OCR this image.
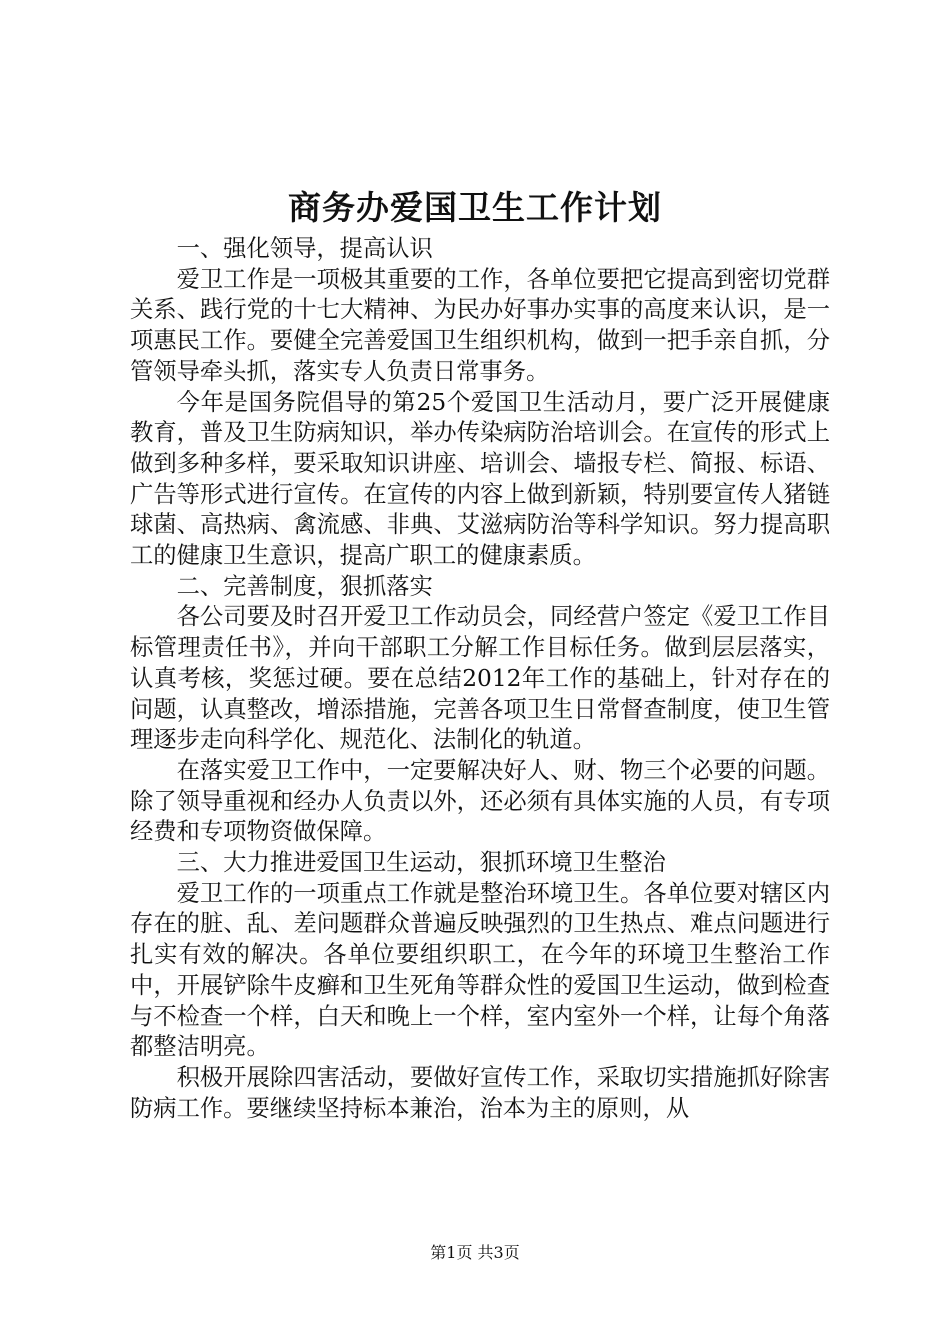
商务办爱国卫生工作计划

一、强化领导，提高认识

爱卫工作是一项极其重要的工作，各单位要把它提高到密切党群关系、践行党的十七大精神、为民办好事办实事的高度来认识，是一项惠民工作。要健全完善爱国卫生组织机构，做到一把手亲自抓，分管领导牵头抓，落实专人负责日常事务。

今年是国务院倡导的第25个爱国卫生活动月，要广泛开展健康教育，普及卫生防病知识，举办传染病防治培训会。在宣传的形式上做到多种多样，要采取知识讲座、培训会、墙报专栏、简报、标语、广告等形式进行宣传。在宣传的内容上做到新颖，特别要宣传人猪链球菌、高热病、禽流感、非典、艾滋病防治等科学知识。努力提高职工的健康卫生意识，提高广职工的健康素质。

二、完善制度，狠抓落实

各公司要及时召开爱卫工作动员会，同经营户签定《爱卫工作目标管理责任书》，并向干部职工分解工作目标任务。做到层层落实，认真考核，奖惩过硬。要在总结2012年工作的基础上，针对存在的问题，认真整改，增添措施，完善各项卫生日常督查制度，使卫生管理逐步走向科学化、规范化、法制化的轨道。

在落实爱卫工作中，一定要解决好人、财、物三个必要的问题。除了领导重视和经办人负责以外，还必须有具体实施的人员，有专项经费和专项物资做保障。

三、大力推进爱国卫生运动，狠抓环境卫生整治

爱卫工作的一项重点工作就是整治环境卫生。各单位要对辖区内存在的脏、乱、差问题群众普遍反映强烈的卫生热点、难点问题进行扎实有效的解决。各单位要组织职工，在今年的环境卫生整治工作中，开展铲除牛皮癣和卫生死角等群众性的爱国卫生运动，做到检查与不检查一个样，白天和晚上一个样，室内室外一个样，让每个角落都整洁明亮。

积极开展除四害活动，要做好宣传工作，采取切实措施抓好除害防病工作。要继续坚持标本兼治，治本为主的原则，从

第1页 共3页
